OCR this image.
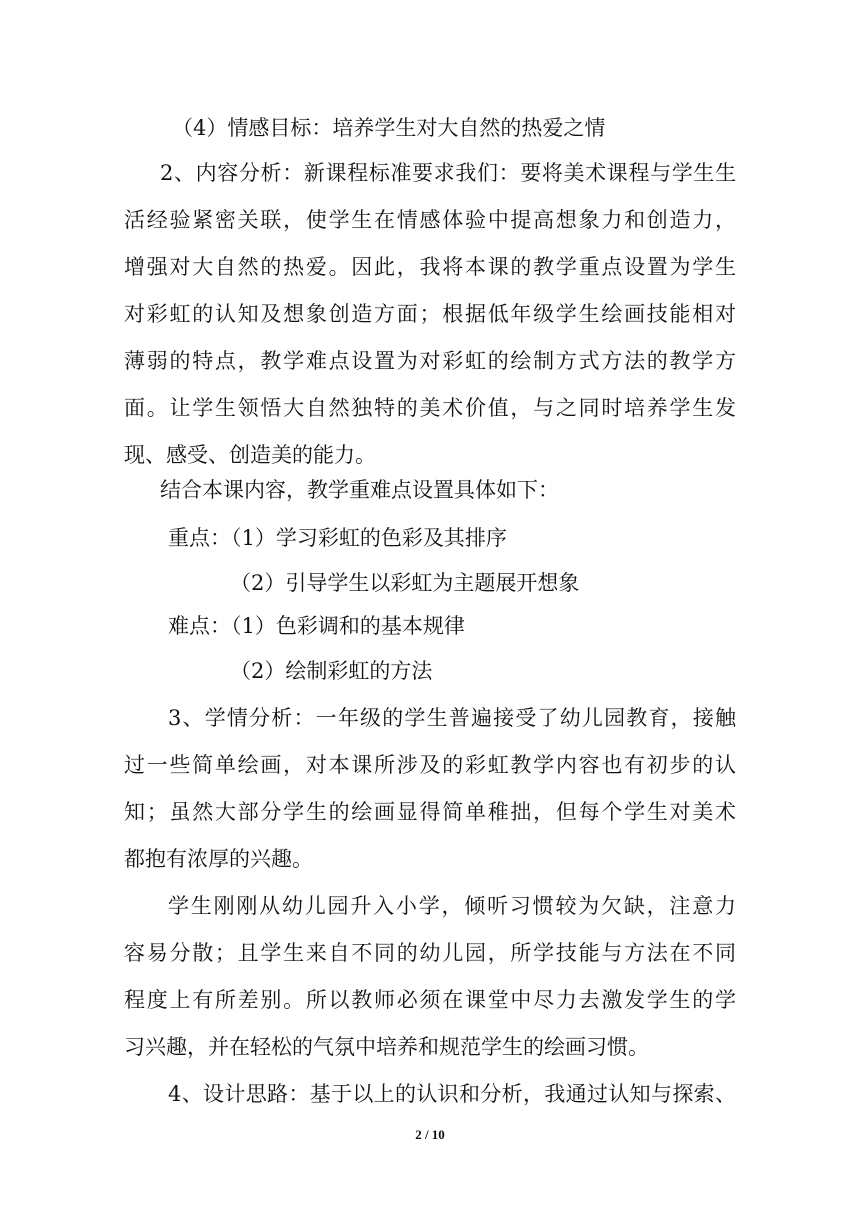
（4）情感目标：培养学生对大自然的热爱之情
2、内容分析：新课程标准要求我们：要将美术课程与学生生
活经验紧密关联，使学生在情感体验中提高想象力和创造力，
增强对大自然的热爱。因此，我将本课的教学重点设置为学生
对彩虹的认知及想象创造方面；根据低年级学生绘画技能相对
薄弱的特点，教学难点设置为对彩虹的绘制方式方法的教学方
面。让学生领悟大自然独特的美术价值，与之同时培养学生发
现、感受、创造美的能力。
结合本课内容，教学重难点设置具体如下：
重点：（1）学习彩虹的色彩及其排序
（2）引导学生以彩虹为主题展开想象
难点：（1）色彩调和的基本规律
（2）绘制彩虹的方法
3、学情分析：一年级的学生普遍接受了幼儿园教育，接触
过一些简单绘画，对本课所涉及的彩虹教学内容也有初步的认
知；虽然大部分学生的绘画显得简单稚拙，但每个学生对美术
都抱有浓厚的兴趣。
学生刚刚从幼儿园升入小学，倾听习惯较为欠缺，注意力
容易分散；且学生来自不同的幼儿园，所学技能与方法在不同
程度上有所差别。所以教师必须在课堂中尽力去激发学生的学
习兴趣，并在轻松的气氛中培养和规范学生的绘画习惯。
4、设计思路：基于以上的认识和分析，我通过认知与探索、
2 / 10
